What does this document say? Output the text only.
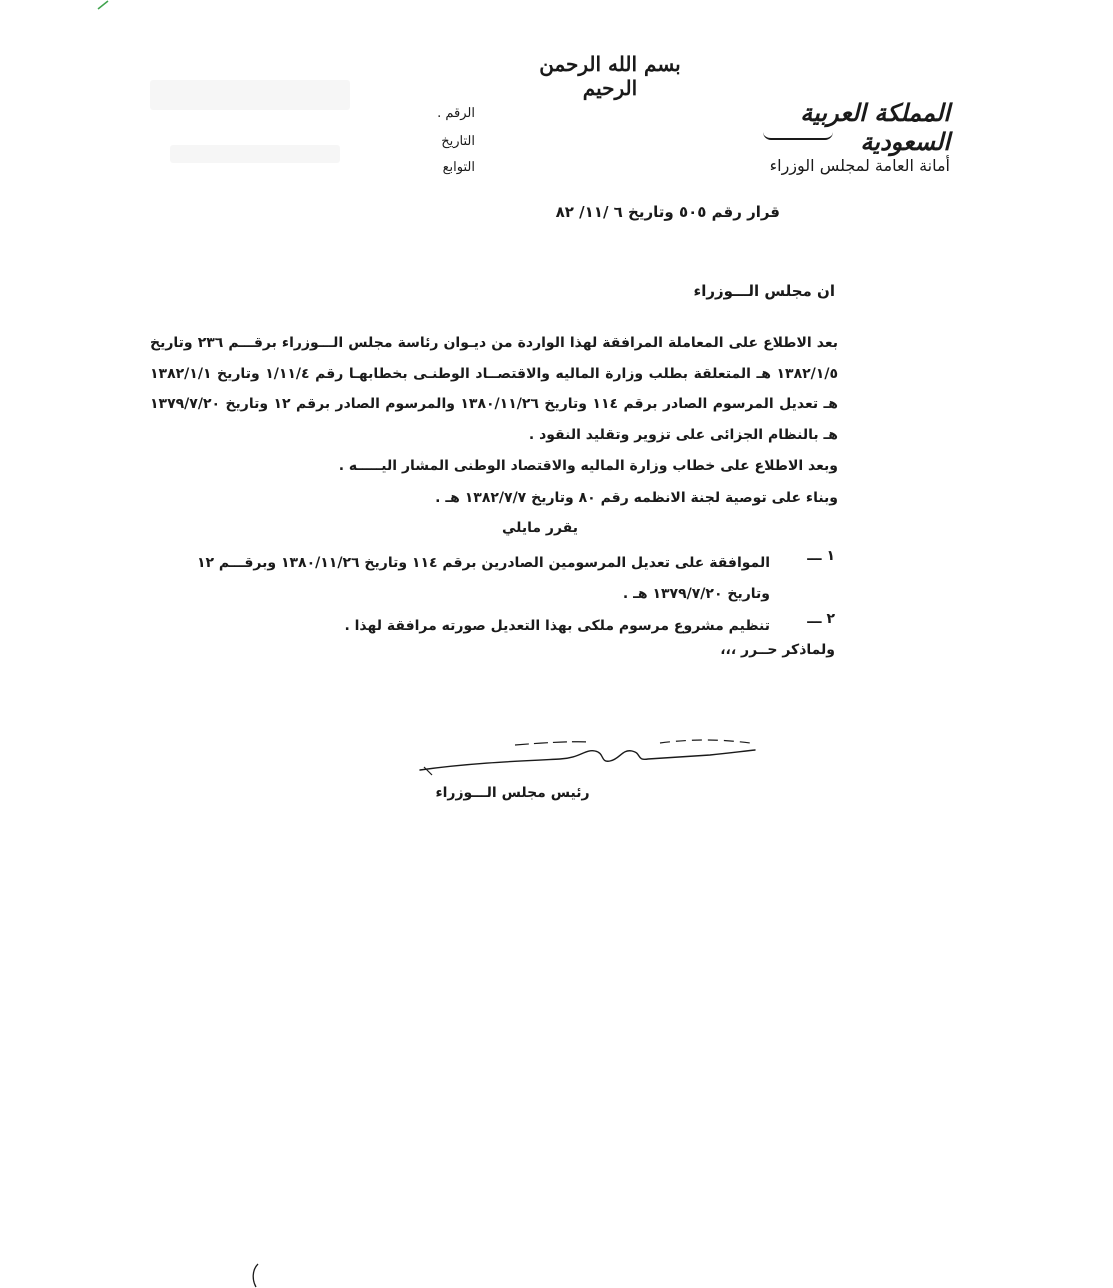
بسم الله الرحمن الرحيم
المملكة العربية السعودية
أمانة العامة لمجلس الوزراء
الرقم .
التاريخ
التوابع
قرار رقم ٥٠٥ وتاريخ ٦ /١١/ ٨٢
ان مجلس الـــوزراء
بعد الاطلاع على المعاملة المرافقة لهذا الواردة من ديـوان رئاسة مجلس الـــوزراء برقـــم ٢٣٦ وتاريخ ١٣٨٢/١/٥ هـ المتعلقة بطلب وزارة الماليه والاقتصــاد الوطنـى بخطابهـا رقم ١/١١/٤ وتاريخ ١٣٨٢/١/١ هـ تعديل المرسوم الصادر برقم ١١٤ وتاريخ ١٣٨٠/١١/٢٦ والمرسوم الصادر برقم ١٢ وتاريخ ١٣٧٩/٧/٢٠ هـ بالنظام الجزائى على تزوير وتقليد النقود .
وبعد الاطلاع على خطاب وزارة الماليه والاقتصاد الوطنى المشار اليـــــه .
وبناء على توصية لجنة الانظمه رقم ٨٠ وتاريخ ١٣٨٢/٧/٧ هـ .
يقرر مايلي
١ ـــ
الموافقة على تعديل المرسومين الصادرين برقم ١١٤ وتاريخ ١٣٨٠/١١/٢٦ وبرقـــم ١٢ وتاريخ ١٣٧٩/٧/٢٠ هـ .
٢ ـــ
تنظيم مشروع مرسوم ملكى بهذا التعديل صورته مرافقة لهذا .
ولماذكر حــرر ،،،
رئيس مجلس الـــوزراء
